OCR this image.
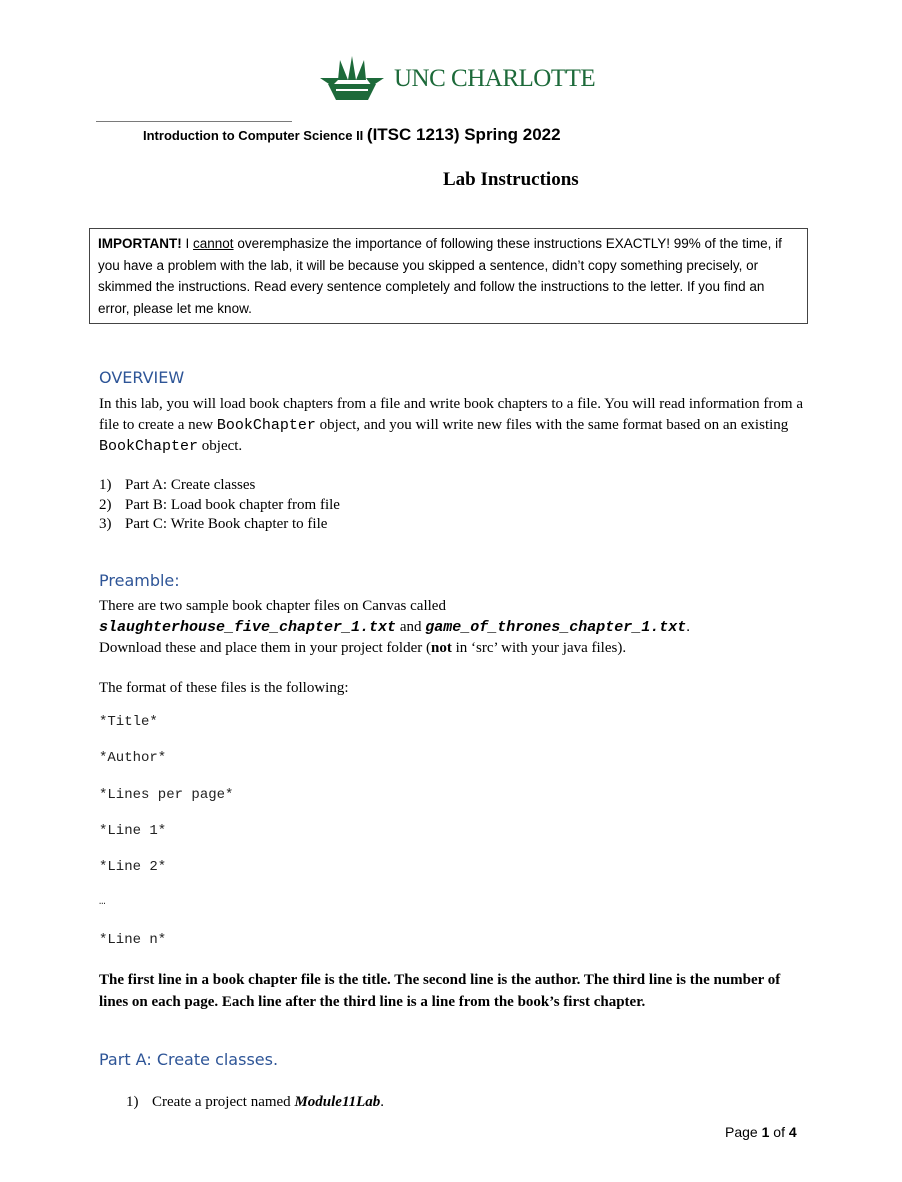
UNC CHARLOTTE
Introduction to Computer Science II (ITSC 1213) Spring 2022
Lab Instructions
IMPORTANT! I cannot overemphasize the importance of following these instructions EXACTLY! 99% of the time, if you have a problem with the lab, it will be because you skipped a sentence, didn’t copy something precisely, or skimmed the instructions. Read every sentence completely and follow the instructions to the letter. If you find an error, please let me know.
OVERVIEW
In this lab, you will load book chapters from a file and write book chapters to a file. You will read information from a file to create a new BookChapter object, and you will write new files with the same format based on an existing BookChapter object.
1) Part A: Create classes
2) Part B: Load book chapter from file
3) Part C: Write Book chapter to file
Preamble:
There are two sample book chapter files on Canvas called
slaughterhouse_five_chapter_1.txt and game_of_thrones_chapter_1.txt.
Download these and place them in your project folder (not in ‘src’ with your java files).
The format of these files is the following:
*Title*
*Author*
*Lines per page*
*Line 1*
*Line 2*
…
*Line n*
The first line in a book chapter file is the title. The second line is the author. The third line is the number of lines on each page. Each line after the third line is a line from the book’s first chapter.
Part A: Create classes.
1) Create a project named Module11Lab.
Page 1 of 4
